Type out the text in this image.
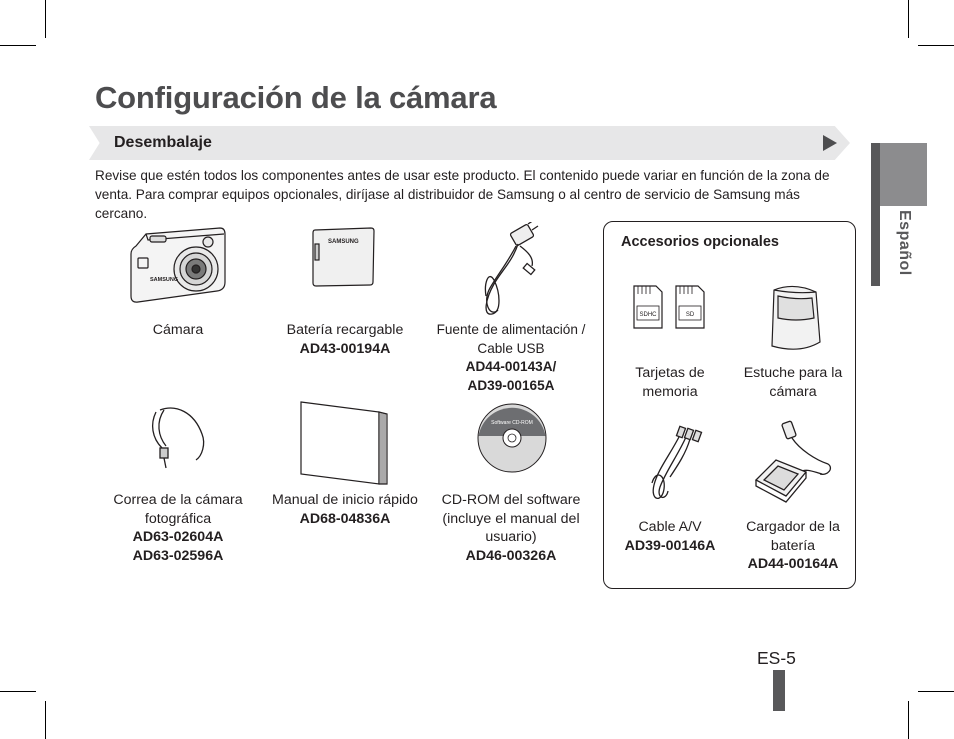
Configuración de la cámara
Desembalaje
Revise que estén todos los componentes antes de usar este producto. El contenido puede variar en función de la zona de venta. Para comprar equipos opcionales, diríjase al distribuidor de Samsung o al centro de servicio de Samsung más cercano.
SAMSUNG
Cámara
SAMSUNG
Batería recargable
AD43-00194A
Fuente de alimentación /
Cable USB
AD44-00143A/
AD39-00165A
Correa de la cámara
fotográfica
AD63-02604A
AD63-02596A
Manual de inicio rápido
AD68-04836A
Software CD-ROM
CD-ROM del software
(incluye el manual del
usuario)
AD46-00326A
Accesorios opcionales
SDHC	SD
Tarjetas de
memoria
Estuche para la
cámara
Cable A/V
AD39-00146A
Cargador de la
batería
AD44-00164A
Español
ES-5
